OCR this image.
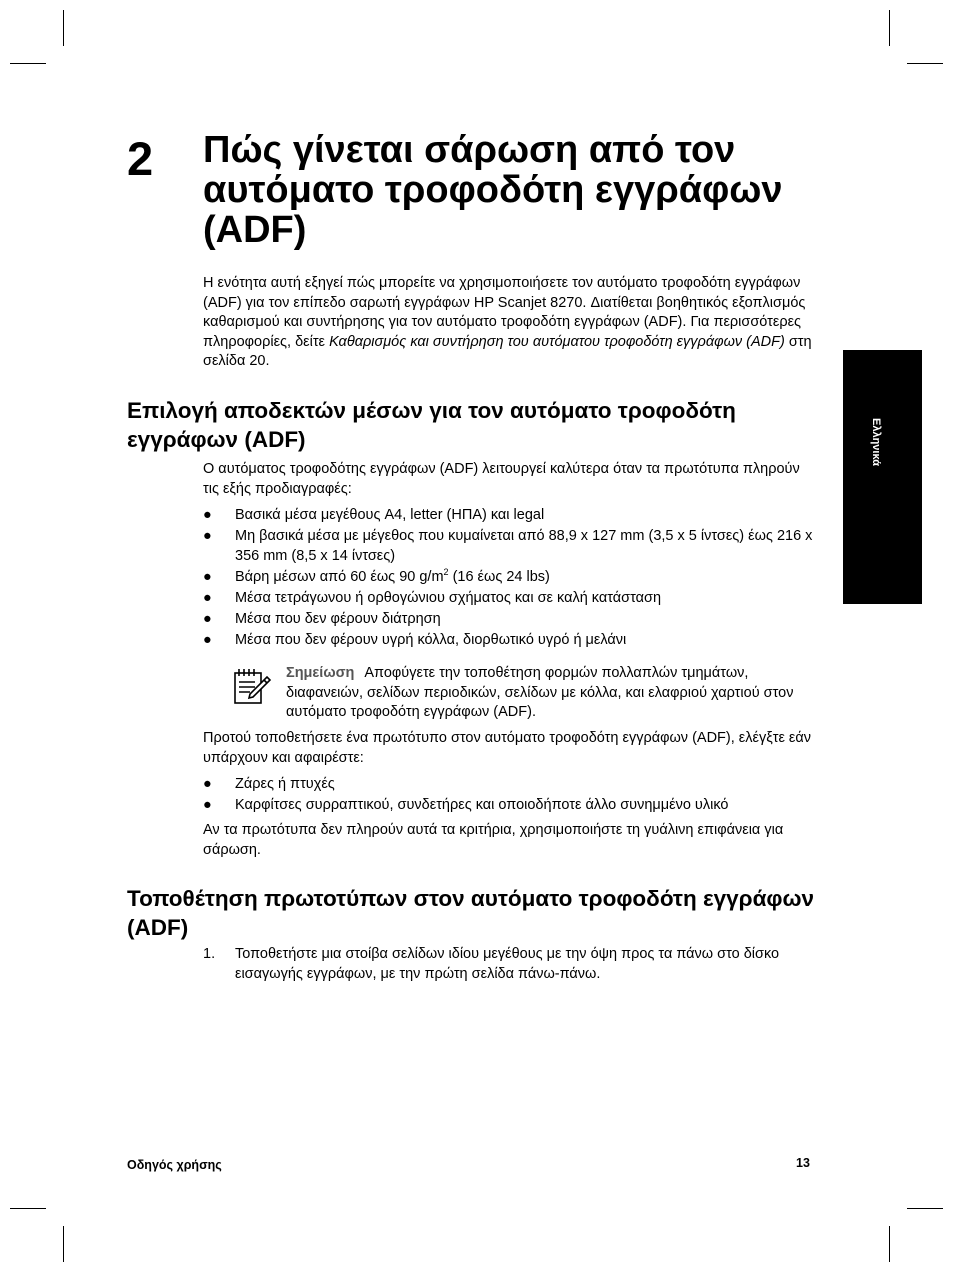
2 Πώς γίνεται σάρωση από τον αυτόματο τροφοδότη εγγράφων (ADF)

Η ενότητα αυτή εξηγεί πώς μπορείτε να χρησιμοποιήσετε τον αυτόματο τροφοδότη εγγράφων (ADF) για τον επίπεδο σαρωτή εγγράφων HP Scanjet 8270. Διατίθεται βοηθητικός εξοπλισμός καθαρισμού και συντήρησης για τον αυτόματο τροφοδότη εγγράφων (ADF). Για περισσότερες πληροφορίες, δείτε Καθαρισμός και συντήρηση του αυτόματου τροφοδότη εγγράφων (ADF) στη σελίδα 20.

Επιλογή αποδεκτών μέσων για τον αυτόματο τροφοδότη εγγράφων (ADF)

Ο αυτόματος τροφοδότης εγγράφων (ADF) λειτουργεί καλύτερα όταν τα πρωτότυπα πληρούν τις εξής προδιαγραφές:

● Βασικά μέσα μεγέθους A4, letter (ΗΠΑ) και legal
● Μη βασικά μέσα με μέγεθος που κυμαίνεται από 88,9 x 127 mm (3,5 x 5 ίντσες) έως 216 x 356 mm (8,5 x 14 ίντσες)
● Βάρη μέσων από 60 έως 90 $g/m^2$ (16 έως 24 lbs)
● Μέσα τετράγωνου ή ορθογώνιου σχήματος και σε καλή κατάσταση
● Μέσα που δεν φέρουν διάτρηση
● Μέσα που δεν φέρουν υγρή κόλλα, διορθωτικό υγρό ή μελάνι

Σημείωση Αποφύγετε την τοποθέτηση φορμών πολλαπλών τμημάτων, διαφανειών, σελίδων περιοδικών, σελίδων με κόλλα, και ελαφριού χαρτιού στον αυτόματο τροφοδότη εγγράφων (ADF).

Προτού τοποθετήσετε ένα πρωτότυπο στον αυτόματο τροφοδότη εγγράφων (ADF), ελέγξτε εάν υπάρχουν και αφαιρέστε:

● Ζάρες ή πτυχές
● Καρφίτσες συρραπτικού, συνδετήρες και οποιοδήποτε άλλο συνημμένο υλικό

Αν τα πρωτότυπα δεν πληρούν αυτά τα κριτήρια, χρησιμοποιήστε τη γυάλινη επιφάνεια για σάρωση.

Τοποθέτηση πρωτοτύπων στον αυτόματο τροφοδότη εγγράφων (ADF)
1. Τοποθετήστε μια στοίβα σελίδων ιδίου μεγέθους με την όψη προς τα πάνω στο δίσκο εισαγωγής εγγράφων, με την πρώτη σελίδα πάνω-πάνω.
Ελληνικά
Οδηγός χρήσης	13
